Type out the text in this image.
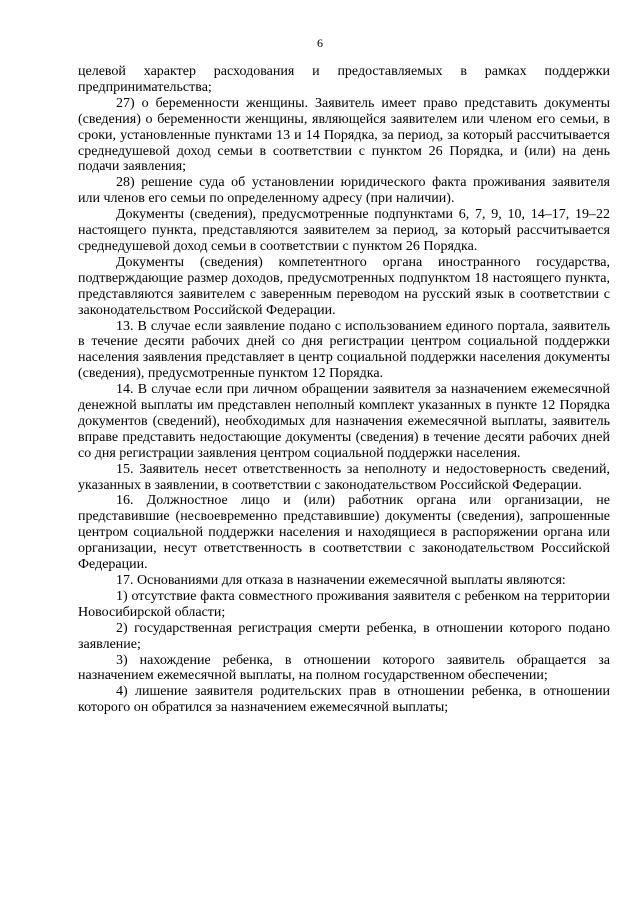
6

целевой характер расходования и предоставляемых в рамках поддержки предпринимательства;

27) о беременности женщины. Заявитель имеет право представить документы (сведения) о беременности женщины, являющейся заявителем или членом его семьи, в сроки, установленные пунктами 13 и 14 Порядка, за период, за который рассчитывается среднедушевой доход семьи в соответствии с пунктом 26 Порядка, и (или) на день подачи заявления;

28) решение суда об установлении юридического факта проживания заявителя или членов его семьи по определенному адресу (при наличии).

Документы (сведения), предусмотренные подпунктами 6, 7, 9, 10, 14–17, 19–22 настоящего пункта, представляются заявителем за период, за который рассчитывается среднедушевой доход семьи в соответствии с пунктом 26 Порядка.

Документы (сведения) компетентного органа иностранного государства, подтверждающие размер доходов, предусмотренных подпунктом 18 настоящего пункта, представляются заявителем с заверенным переводом на русский язык в соответствии с законодательством Российской Федерации.

13. В случае если заявление подано с использованием единого портала, заявитель в течение десяти рабочих дней со дня регистрации центром социальной поддержки населения заявления представляет в центр социальной поддержки населения документы (сведения), предусмотренные пунктом 12 Порядка.

14. В случае если при личном обращении заявителя за назначением ежемесячной денежной выплаты им представлен неполный комплект указанных в пункте 12 Порядка документов (сведений), необходимых для назначения ежемесячной выплаты, заявитель вправе представить недостающие документы (сведения) в течение десяти рабочих дней со дня регистрации заявления центром социальной поддержки населения.

15. Заявитель несет ответственность за неполноту и недостоверность сведений, указанных в заявлении, в соответствии с законодательством Российской Федерации.

16. Должностное лицо и (или) работник органа или организации, не представившие (несвоевременно представившие) документы (сведения), запрошенные центром социальной поддержки населения и находящиеся в распоряжении органа или организации, несут ответственность в соответствии с законодательством Российской Федерации.

17. Основаниями для отказа в назначении ежемесячной выплаты являются:

1) отсутствие факта совместного проживания заявителя с ребенком на территории Новосибирской области;

2) государственная регистрация смерти ребенка, в отношении которого подано заявление;

3) нахождение ребенка, в отношении которого заявитель обращается за назначением ежемесячной выплаты, на полном государственном обеспечении;

4) лишение заявителя родительских прав в отношении ребенка, в отношении которого он обратился за назначением ежемесячной выплаты;
